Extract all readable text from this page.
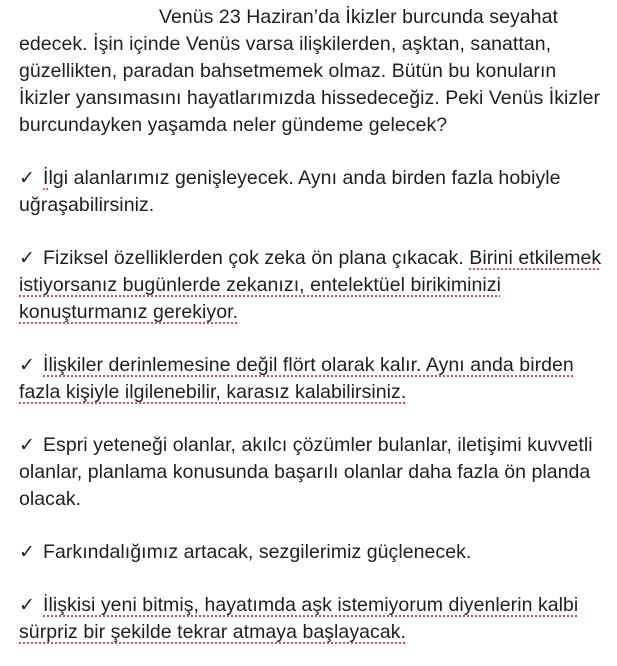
Venüs 23 Haziran’da İkizler burcunda seyahat edecek. İşin içinde Venüs varsa ilişkilerden, aşktan, sanattan, güzellikten, paradan bahsetmemek olmaz. Bütün bu konuların İkizler yansımasını hayatlarımızda hissedeceğiz. Peki Venüs İkizler burcundayken yaşamda neler gündeme gelecek?

✓ İlgi alanlarımız genişleyecek. Aynı anda birden fazla hobiyle uğraşabilirsiniz.

✓ Fiziksel özelliklerden çok zeka ön plana çıkacak. Birini etkilemek istiyorsanız bugünlerde zekanızı, entelektüel birikiminizi konuşturmanız gerekiyor.

✓ İlişkiler derinlemesine değil flört olarak kalır. Aynı anda birden fazla kişiyle ilgilenebilir, karasız kalabilirsiniz.

✓ Espri yeteneği olanlar, akılcı çözümler bulanlar, iletişimi kuvvetli olanlar, planlama konusunda başarılı olanlar daha fazla ön planda olacak.

✓ Farkındalığımız artacak, sezgilerimiz güçlenecek.

✓ İlişkisi yeni bitmiş, hayatımda aşk istemiyorum diyenlerin kalbi sürpriz bir şekilde tekrar atmaya başlayacak.
